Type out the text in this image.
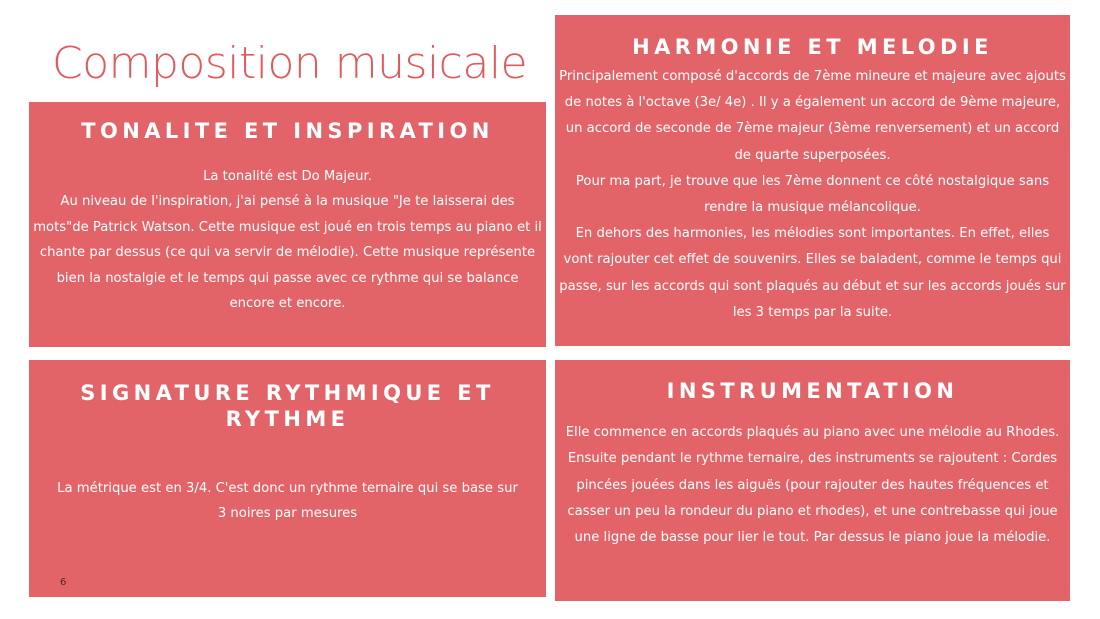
Composition musicale
TONALITE ET INSPIRATION

La tonalité est Do Majeur.
Au niveau de l'inspiration, j'ai pensé à la musique "Je te laisserai des mots"de Patrick Watson. Cette musique est joué en trois temps au piano et il chante par dessus (ce qui va servir de mélodie). Cette musique représente bien la nostalgie et le temps qui passe avec ce rythme qui se balance encore et encore.

HARMONIE ET MELODIE

Principalement composé d'accords de 7ème mineure et majeure avec ajouts de notes à l'octave (3e/ 4e) . Il y a également un accord de 9ème majeure, un accord de seconde de 7ème majeur (3ème renversement) et un accord de quarte superposées.
Pour ma part, je trouve que les 7ème donnent ce côté nostalgique sans rendre la musique mélancolique.
En dehors des harmonies, les mélodies sont importantes. En effet, elles vont rajouter cet effet de souvenirs. Elles se baladent, comme le temps qui passe, sur les accords qui sont plaqués au début et sur les accords joués sur les 3 temps par la suite.

SIGNATURE RYTHMIQUE ET RYTHME

La métrique est en 3/4. C'est donc un rythme ternaire qui se base sur 3 noires par mesures

INSTRUMENTATION

Elle commence en accords plaqués au piano avec une mélodie au Rhodes. Ensuite pendant le rythme ternaire, des instruments se rajoutent : Cordes pincées jouées dans les aiguës (pour rajouter des hautes fréquences et casser un peu la rondeur du piano et rhodes), et une contrebasse qui joue une ligne de basse pour lier le tout. Par dessus le piano joue la mélodie.

6
